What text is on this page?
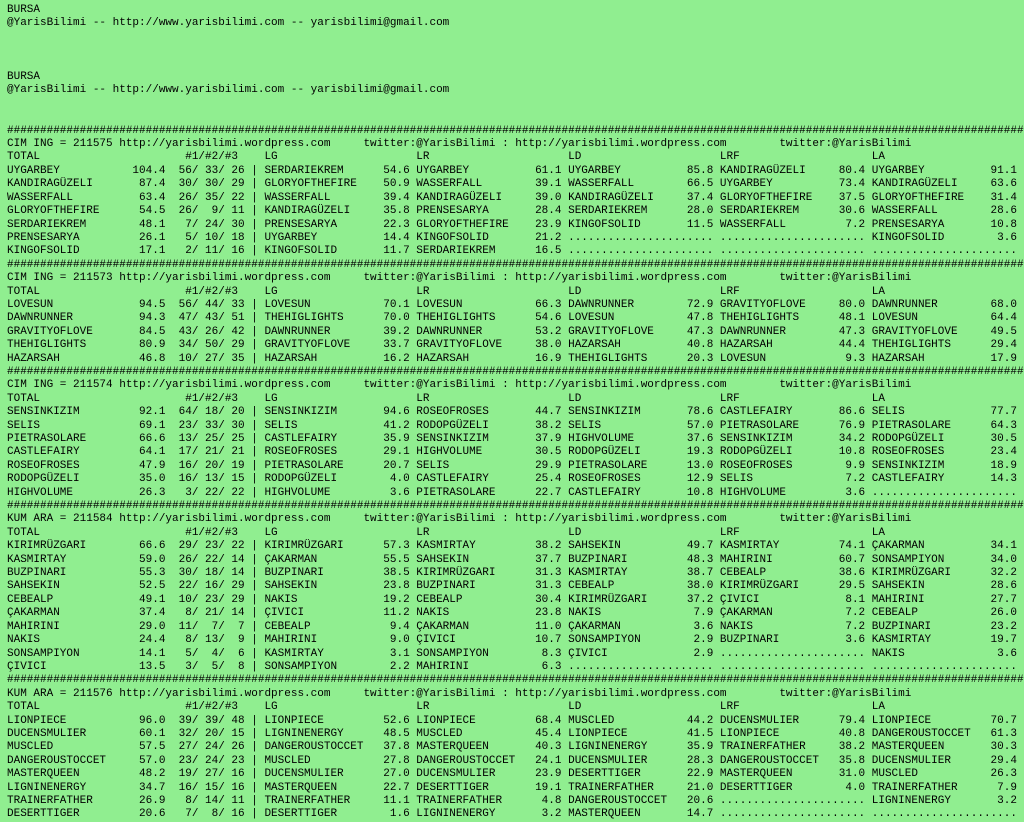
BURSA
@YarisBilimi -- http://www.yarisbilimi.com -- yarisbilimi@gmail.com

BURSA
@YarisBilimi -- http://www.yarisbilimi.com -- yarisbilimi@gmail.com

##########################################################################################################################################################
CIM ING = 211575 http://yarisbilimi.wordpress.com     twitter:@YarisBilimi : http://yarisbilimi.wordpress.com        twitter:@YarisBilimi
TOTAL                      #1/#2/#3    LG                     LR                     LD                     LRF                    LA
UYGARBEY           104.4  56/ 33/ 26 | SERDARIEKREM      54.6 UYGARBEY          61.1 UYGARBEY          85.8 KANDIRAGÜZELI     80.4 UYGARBEY          91.1
KANDIRAGÜZELI       87.4  30/ 30/ 29 | GLORYOFTHEFIRE    50.9 WASSERFALL        39.1 WASSERFALL        66.5 UYGARBEY          73.4 KANDIRAGÜZELI     63.6
WASSERFALL          63.4  26/ 35/ 22 | WASSERFALL        39.4 KANDIRAGÜZELI     39.0 KANDIRAGÜZELI     37.4 GLORYOFTHEFIRE    37.5 GLORYOFTHEFIRE    31.4
GLORYOFTHEFIRE      54.5  26/  9/ 11 | KANDIRAGÜZELI     35.8 PRENSESARYA       28.4 SERDARIEKREM      28.0 SERDARIEKREM      30.6 WASSERFALL        28.6
SERDARIEKREM        48.1   7/ 24/ 30 | PRENSESARYA       22.3 GLORYOFTHEFIRE    23.9 KINGOFSOLID       11.5 WASSERFALL         7.2 PRENSESARYA       10.8
PRENSESARYA         26.1   5/ 10/ 18 | UYGARBEY          14.4 KINGOFSOLID       21.2 ...................... ...................... KINGOFSOLID        3.6
KINGOFSOLID         17.1   2/ 11/ 16 | KINGOFSOLID       11.7 SERDARIEKREM      16.5 ...................... ...................... ......................
##########################################################################################################################################################
CIM ING = 211573 http://yarisbilimi.wordpress.com     twitter:@YarisBilimi : http://yarisbilimi.wordpress.com        twitter:@YarisBilimi
TOTAL                      #1/#2/#3    LG                     LR                     LD                     LRF                    LA
LOVESUN             94.5  56/ 44/ 33 | LOVESUN           70.1 LOVESUN           66.3 DAWNRUNNER        72.9 GRAVITYOFLOVE     80.0 DAWNRUNNER        68.0
DAWNRUNNER          94.3  47/ 43/ 51 | THEHIGLIGHTS      70.0 THEHIGLIGHTS      54.6 LOVESUN           47.8 THEHIGLIGHTS      48.1 LOVESUN           64.4
GRAVITYOFLOVE       84.5  43/ 26/ 42 | DAWNRUNNER        39.2 DAWNRUNNER        53.2 GRAVITYOFLOVE     47.3 DAWNRUNNER        47.3 GRAVITYOFLOVE     49.5
THEHIGLIGHTS        80.9  34/ 50/ 29 | GRAVITYOFLOVE     33.7 GRAVITYOFLOVE     38.0 HAZARSAH          40.8 HAZARSAH          44.4 THEHIGLIGHTS      29.4
HAZARSAH            46.8  10/ 27/ 35 | HAZARSAH          16.2 HAZARSAH          16.9 THEHIGLIGHTS      20.3 LOVESUN            9.3 HAZARSAH          17.9
##########################################################################################################################################################
CIM ING = 211574 http://yarisbilimi.wordpress.com     twitter:@YarisBilimi : http://yarisbilimi.wordpress.com        twitter:@YarisBilimi
TOTAL                      #1/#2/#3    LG                     LR                     LD                     LRF                    LA
SENSINKIZIM         92.1  64/ 18/ 20 | SENSINKIZIM       94.6 ROSEOFROSES       44.7 SENSINKIZIM       78.6 CASTLEFAIRY       86.6 SELIS             77.7
SELIS               69.1  23/ 33/ 30 | SELIS             41.2 RODOPGÜZELI       38.2 SELIS             57.0 PIETRASOLARE      76.9 PIETRASOLARE      64.3
PIETRASOLARE        66.6  13/ 25/ 25 | CASTLEFAIRY       35.9 SENSINKIZIM       37.9 HIGHVOLUME        37.6 SENSINKIZIM       34.2 RODOPGÜZELI       30.5
CASTLEFAIRY         64.1  17/ 21/ 21 | ROSEOFROSES       29.1 HIGHVOLUME        30.5 RODOPGÜZELI       19.3 RODOPGÜZELI       10.8 ROSEOFROSES       23.4
ROSEOFROSES         47.9  16/ 20/ 19 | PIETRASOLARE      20.7 SELIS             29.9 PIETRASOLARE      13.0 ROSEOFROSES        9.9 SENSINKIZIM       18.9
RODOPGÜZELI         35.0  16/ 13/ 15 | RODOPGÜZELI        4.0 CASTLEFAIRY       25.4 ROSEOFROSES       12.9 SELIS              7.2 CASTLEFAIRY       14.3
HIGHVOLUME          26.3   3/ 22/ 22 | HIGHVOLUME         3.6 PIETRASOLARE      22.7 CASTLEFAIRY       10.8 HIGHVOLUME         3.6 ......................
##########################################################################################################################################################
KUM ARA = 211584 http://yarisbilimi.wordpress.com     twitter:@YarisBilimi : http://yarisbilimi.wordpress.com        twitter:@YarisBilimi
TOTAL                      #1/#2/#3    LG                     LR                     LD                     LRF                    LA
KIRIMRÜZGARI        66.6  29/ 23/ 22 | KIRIMRÜZGARI      57.3 KASMIRTAY         38.2 SAHSEKIN          49.7 KASMIRTAY         74.1 ÇAKARMAN          34.1
KASMIRTAY           59.0  26/ 22/ 14 | ÇAKARMAN          55.5 SAHSEKIN          37.7 BUZPINARI         48.3 MAHIRINI          60.7 SONSAMPIYON       34.0
BUZPINARI           55.3  30/ 18/ 14 | BUZPINARI         38.5 KIRIMRÜZGARI      31.3 KASMIRTAY         38.7 CEBEALP           38.6 KIRIMRÜZGARI      32.2
SAHSEKIN            52.5  22/ 16/ 29 | SAHSEKIN          23.8 BUZPINARI         31.3 CEBEALP           38.0 KIRIMRÜZGARI      29.5 SAHSEKIN          28.6
CEBEALP             49.1  10/ 23/ 29 | NAKIS             19.2 CEBEALP           30.4 KIRIMRÜZGARI      37.2 ÇIVICI             8.1 MAHIRINI          27.7
ÇAKARMAN            37.4   8/ 21/ 14 | ÇIVICI            11.2 NAKIS             23.8 NAKIS              7.9 ÇAKARMAN           7.2 CEBEALP           26.0
MAHIRINI            29.0  11/  7/  7 | CEBEALP            9.4 ÇAKARMAN          11.0 ÇAKARMAN           3.6 NAKIS              7.2 BUZPINARI         23.2
NAKIS               24.4   8/ 13/  9 | MAHIRINI           9.0 ÇIVICI            10.7 SONSAMPIYON        2.9 BUZPINARI          3.6 KASMIRTAY         19.7
SONSAMPIYON         14.1   5/  4/  6 | KASMIRTAY          3.1 SONSAMPIYON        8.3 ÇIVICI             2.9 ...................... NAKIS              3.6
ÇIVICI              13.5   3/  5/  8 | SONSAMPIYON        2.2 MAHIRINI           6.3 ...................... ...................... ......................
##########################################################################################################################################################
KUM ARA = 211576 http://yarisbilimi.wordpress.com     twitter:@YarisBilimi : http://yarisbilimi.wordpress.com        twitter:@YarisBilimi
TOTAL                      #1/#2/#3    LG                     LR                     LD                     LRF                    LA
LIONPIECE           96.0  39/ 39/ 48 | LIONPIECE         52.6 LIONPIECE         68.4 MUSCLED           44.2 DUCENSMULIER      79.4 LIONPIECE         70.7
DUCENSMULIER        60.1  32/ 20/ 15 | LIGNINENERGY      48.5 MUSCLED           45.4 LIONPIECE         41.5 LIONPIECE         40.8 DANGEROUSTOCCET   61.3
MUSCLED             57.5  27/ 24/ 26 | DANGEROUSTOCCET   37.8 MASTERQUEEN       40.3 LIGNINENERGY      35.9 TRAINERFATHER     38.2 MASTERQUEEN       30.3
DANGEROUSTOCCET     57.0  23/ 24/ 23 | MUSCLED           27.8 DANGEROUSTOCCET   24.1 DUCENSMULIER      28.3 DANGEROUSTOCCET   35.8 DUCENSMULIER      29.4
MASTERQUEEN         48.2  19/ 27/ 16 | DUCENSMULIER      27.0 DUCENSMULIER      23.9 DESERTTIGER       22.9 MASTERQUEEN       31.0 MUSCLED           26.3
LIGNINENERGY        34.7  16/ 15/ 16 | MASTERQUEEN       22.7 DESERTTIGER       19.1 TRAINERFATHER     21.0 DESERTTIGER        4.0 TRAINERFATHER      7.9
TRAINERFATHER       26.9   8/ 14/ 11 | TRAINERFATHER     11.1 TRAINERFATHER      4.8 DANGEROUSTOCCET   20.6 ...................... LIGNINENERGY       3.2
DESERTTIGER         20.6   7/  8/ 16 | DESERTTIGER        1.6 LIGNINENERGY       3.2 MASTERQUEEN       14.7 ...................... ......................
